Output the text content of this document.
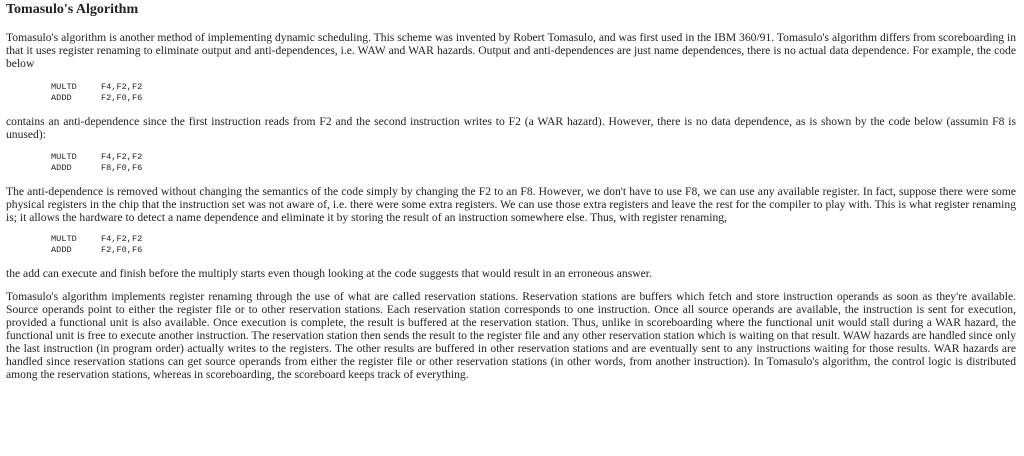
Tomasulo's Algorithm

Tomasulo's algorithm is another method of implementing dynamic scheduling. This scheme was invented by Robert Tomasulo, and was first used in the IBM 360/91. Tomasulo's algorithm differs from scoreboarding in that it uses register renaming to eliminate output and anti-dependences, i.e. WAW and WAR hazards. Output and anti-dependences are just name dependences, there is no actual data dependence. For example, the code below

MULTD	F4,F2,F2
ADDD	F2,F0,F6

contains an anti-dependence since the first instruction reads from F2 and the second instruction writes to F2 (a WAR hazard). However, there is no data dependence, as is shown by the code below (assumin F8 is unused):

MULTD	F4,F2,F2
ADDD	F8,F0,F6

The anti-dependence is removed without changing the semantics of the code simply by changing the F2 to an F8. However, we don't have to use F8, we can use any available register. In fact, suppose there were some physical registers in the chip that the instruction set was not aware of, i.e. there were some extra registers. We can use those extra registers and leave the rest for the compiler to play with. This is what register renaming is; it allows the hardware to detect a name dependence and eliminate it by storing the result of an instruction somewhere else. Thus, with register renaming,

MULTD	F4,F2,F2
ADDD	F2,F0,F6

the add can execute and finish before the multiply starts even though looking at the code suggests that would result in an erroneous answer.

Tomasulo's algorithm implements register renaming through the use of what are called reservation stations. Reservation stations are buffers which fetch and store instruction operands as soon as they're available. Source operands point to either the register file or to other reservation stations. Each reservation station corresponds to one instruction. Once all source operands are available, the instruction is sent for execution, provided a functional unit is also available. Once execution is complete, the result is buffered at the reservation station. Thus, unlike in scoreboarding where the functional unit would stall during a WAR hazard, the functional unit is free to execute another instruction. The reservation station then sends the result to the register file and any other reservation station which is waiting on that result. WAW hazards are handled since only the last instruction (in program order) actually writes to the registers. The other results are buffered in other reservation stations and are eventually sent to any instructions waiting for those results. WAR hazards are handled since reservation stations can get source operands from either the register file or other reservation stations (in other words, from another instruction). In Tomasulo's algorithm, the control logic is distributed among the reservation stations, whereas in scoreboarding, the scoreboard keeps track of everything.
